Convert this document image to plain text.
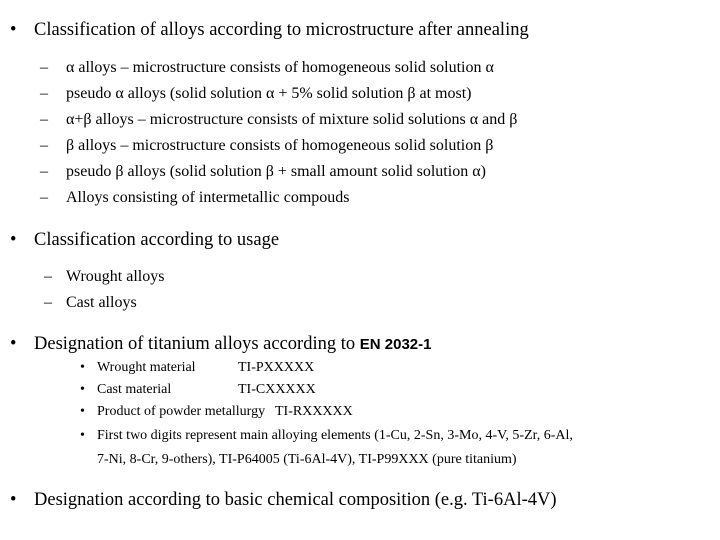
• Classification of alloys according to microstructure after annealing
– α alloys – microstructure consists of homogeneous solid solution α
– pseudo α alloys (solid solution α + 5% solid solution β at most)
– α+β alloys – microstructure consists of mixture solid solutions α and β
– β alloys – microstructure consists of homogeneous solid solution β
– pseudo β alloys (solid solution β + small amount solid solution α)
– Alloys consisting of intermetallic compouds
• Classification according to usage
– Wrought alloys
– Cast alloys
• Designation of titanium alloys according to EN 2032-1
• Wrought material	TI-PXXXXX
• Cast material	TI-CXXXXX
• Product of powder metallurgy TI-RXXXXX
• First two digits represent main alloying elements (1-Cu, 2-Sn, 3-Mo, 4-V, 5-Zr, 6-Al,
7-Ni, 8-Cr, 9-others), TI-P64005 (Ti-6Al-4V), TI-P99XXX (pure titanium)
• Designation according to basic chemical composition (e.g. Ti-6Al-4V)
